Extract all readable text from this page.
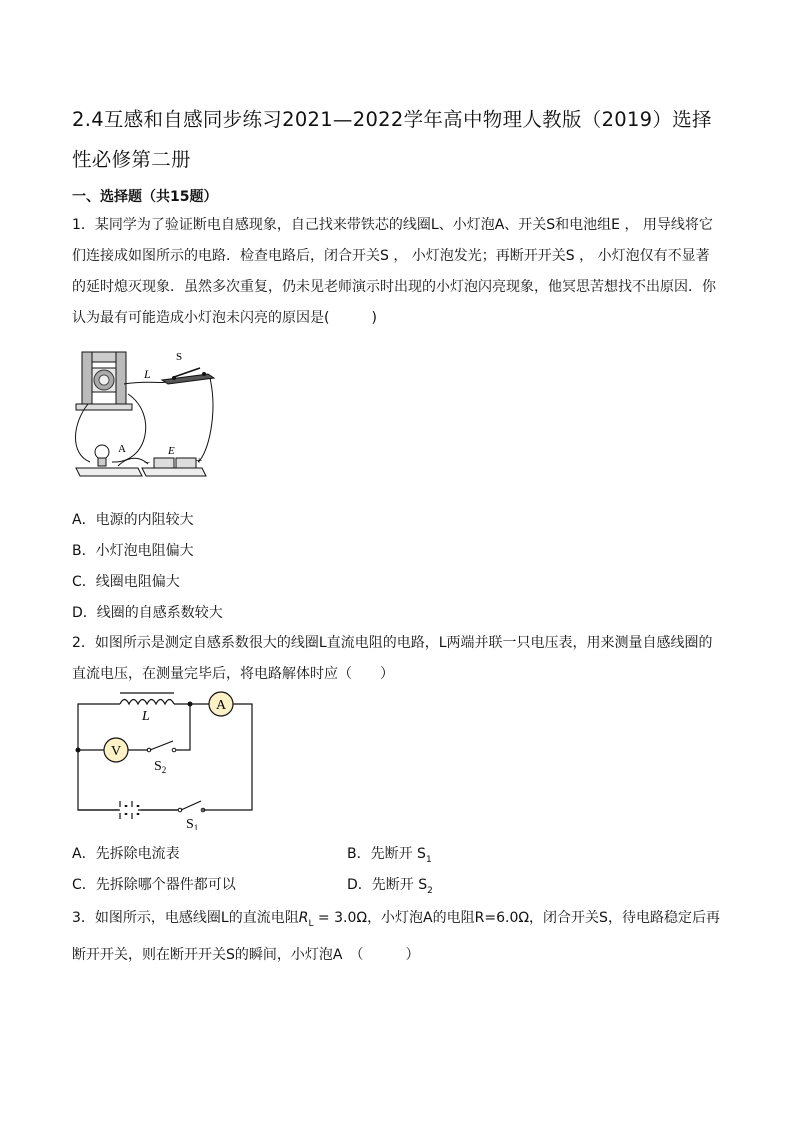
2.4互感和自感同步练习2021—2022学年高中物理人教版（2019）选择性必修第二册
一、选择题（共15题）
1．某同学为了验证断电自感现象，自己找来带铁芯的线圈L、小灯泡A、开关S和电池组E ， 用导线将它们连接成如图所示的电路．检查电路后，闭合开关S ， 小灯泡发光；再断开开关S ， 小灯泡仅有不显著的延时熄灭现象．虽然多次重复，仍未见老师演示时出现的小灯泡闪亮现象，他冥思苦想找不出原因．你认为最有可能造成小灯泡未闪亮的原因是(　　　)
L
S
A	E
−	+
A．电源的内阻较大
B．小灯泡电阻偏大
C．线圈电阻偏大
D．线圈的自感系数较大
2．如图所示是测定自感系数很大的线圈L直流电阻的电路，L两端并联一只电压表，用来测量自感线圈的直流电压，在测量完毕后，将电路解体时应（　　）
L
A
V
$S_2$
$S_1$
A．先拆除电流表	B．先断开 $S_1$
C．先拆除哪个器件都可以	D．先断开 $S_2$
3．如图所示，电感线圈L的直流电阻$R_L = 3.0\Omega$，小灯泡A的电阻R=6.0Ω，闭合开关S，待电路稳定后再断开开关，则在断开开关S的瞬间，小灯泡A　（　　　）
